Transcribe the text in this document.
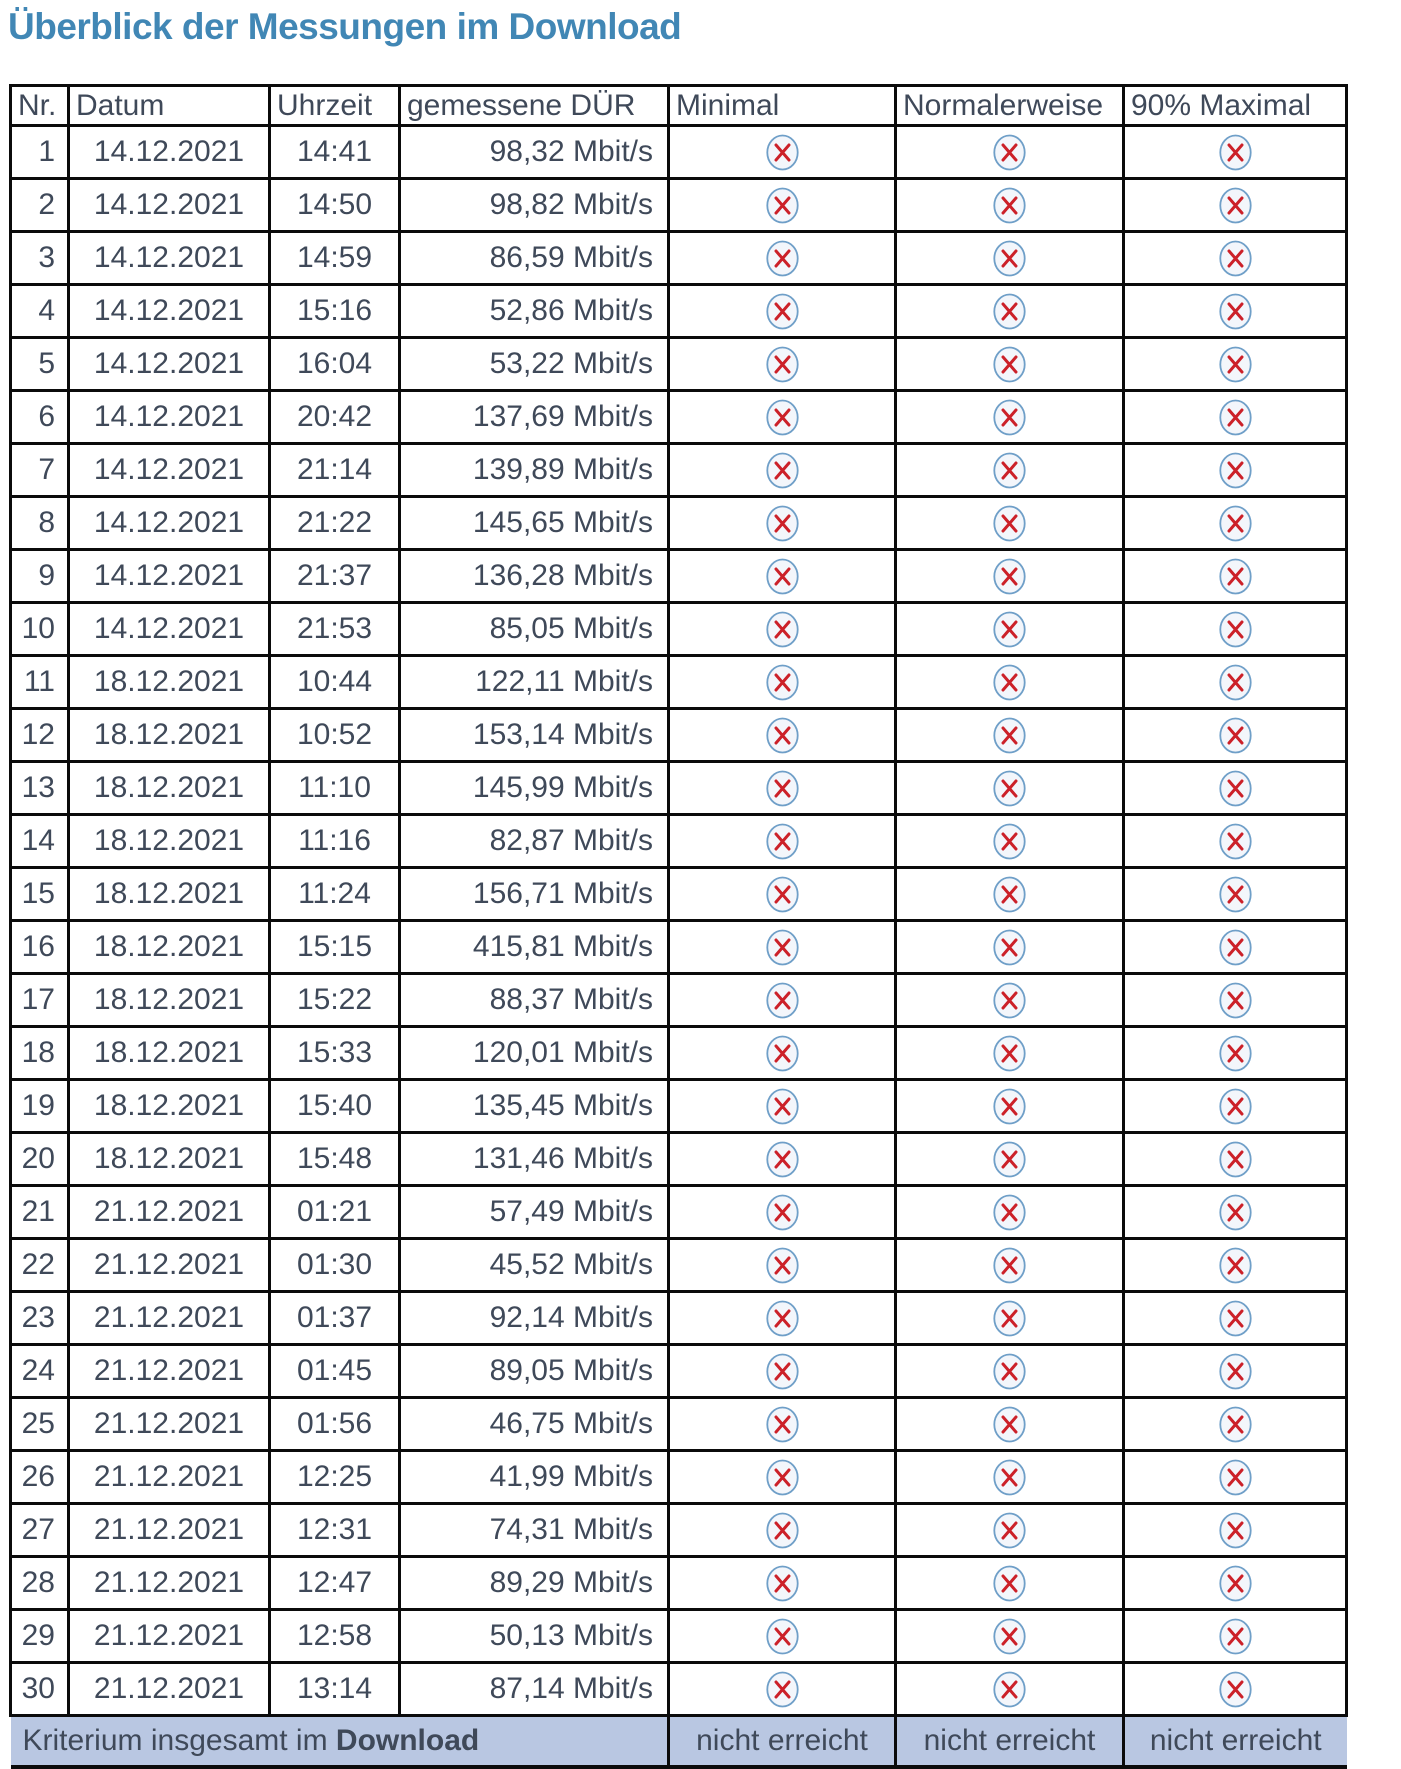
Überblick der Messungen im Download
Nr.	Datum	Uhrzeit	gemessene DÜR	Minimal	Normalerweise	90% Maximal
1	14.12.2021	14:41	98,32 Mbit/s			
2	14.12.2021	14:50	98,82 Mbit/s			
3	14.12.2021	14:59	86,59 Mbit/s			
4	14.12.2021	15:16	52,86 Mbit/s			
5	14.12.2021	16:04	53,22 Mbit/s			
6	14.12.2021	20:42	137,69 Mbit/s			
7	14.12.2021	21:14	139,89 Mbit/s			
8	14.12.2021	21:22	145,65 Mbit/s			
9	14.12.2021	21:37	136,28 Mbit/s			
10	14.12.2021	21:53	85,05 Mbit/s			
11	18.12.2021	10:44	122,11 Mbit/s			
12	18.12.2021	10:52	153,14 Mbit/s			
13	18.12.2021	11:10	145,99 Mbit/s			
14	18.12.2021	11:16	82,87 Mbit/s			
15	18.12.2021	11:24	156,71 Mbit/s			
16	18.12.2021	15:15	415,81 Mbit/s			
17	18.12.2021	15:22	88,37 Mbit/s			
18	18.12.2021	15:33	120,01 Mbit/s			
19	18.12.2021	15:40	135,45 Mbit/s			
20	18.12.2021	15:48	131,46 Mbit/s			
21	21.12.2021	01:21	57,49 Mbit/s			
22	21.12.2021	01:30	45,52 Mbit/s			
23	21.12.2021	01:37	92,14 Mbit/s			
24	21.12.2021	01:45	89,05 Mbit/s			
25	21.12.2021	01:56	46,75 Mbit/s			
26	21.12.2021	12:25	41,99 Mbit/s			
27	21.12.2021	12:31	74,31 Mbit/s			
28	21.12.2021	12:47	89,29 Mbit/s			
29	21.12.2021	12:58	50,13 Mbit/s			
30	21.12.2021	13:14	87,14 Mbit/s			
Kriterium insgesamt im Download				nicht erreicht	nicht erreicht	nicht erreicht
